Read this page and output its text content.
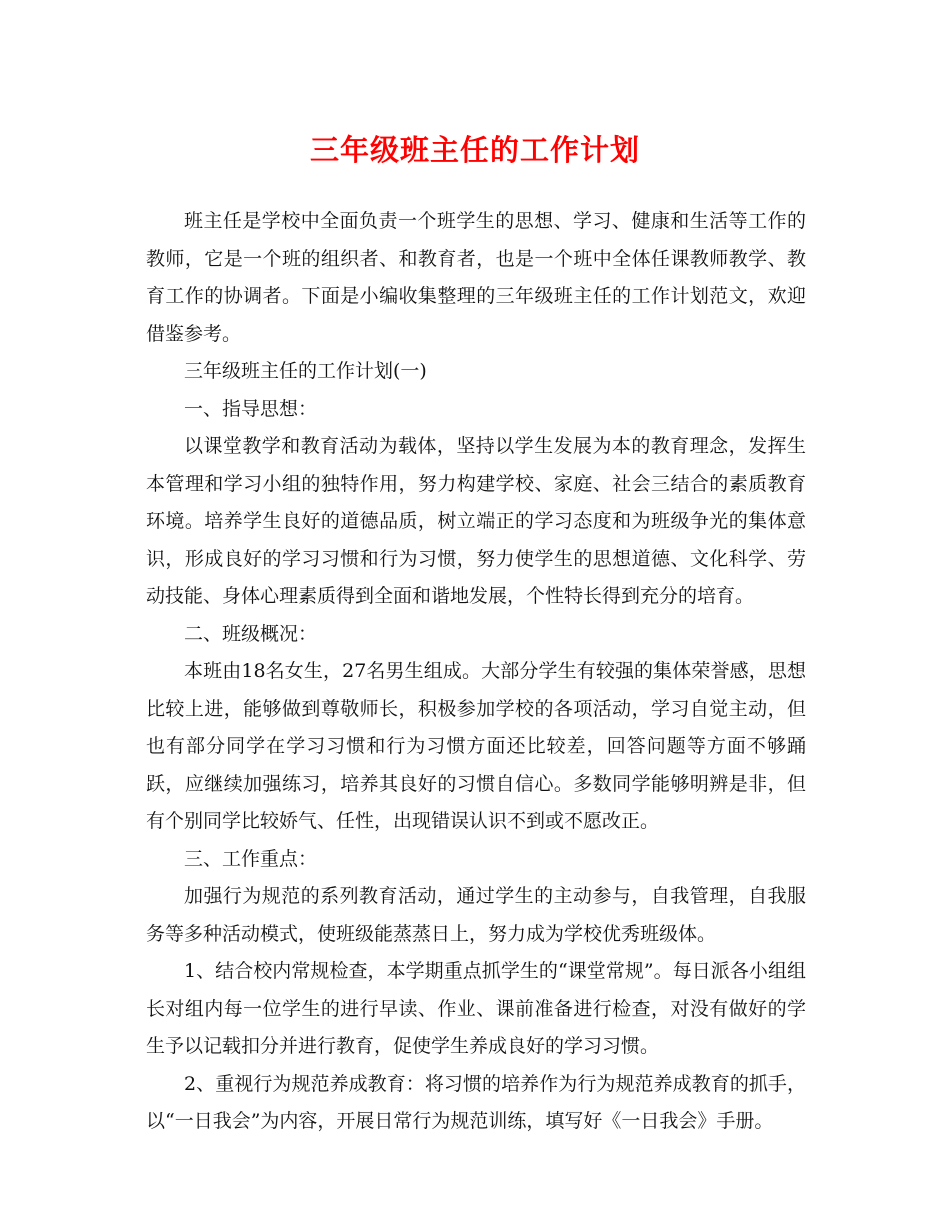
三年级班主任的工作计划

班主任是学校中全面负责一个班学生的思想、学习、健康和生活等工作的教师，它是一个班的组织者、和教育者，也是一个班中全体任课教师教学、教育工作的协调者。下面是小编收集整理的三年级班主任的工作计划范文，欢迎借鉴参考。

三年级班主任的工作计划(一)

一、指导思想：

以课堂教学和教育活动为载体，坚持以学生发展为本的教育理念，发挥生本管理和学习小组的独特作用，努力构建学校、家庭、社会三结合的素质教育环境。培养学生良好的道德品质，树立端正的学习态度和为班级争光的集体意识，形成良好的学习习惯和行为习惯，努力使学生的思想道德、文化科学、劳动技能、身体心理素质得到全面和谐地发展，个性特长得到充分的培育。

二、班级概况：

本班由18名女生，27名男生组成。大部分学生有较强的集体荣誉感，思想比较上进，能够做到尊敬师长，积极参加学校的各项活动，学习自觉主动，但也有部分同学在学习习惯和行为习惯方面还比较差，回答问题等方面不够踊跃，应继续加强练习，培养其良好的习惯自信心。多数同学能够明辨是非，但有个别同学比较娇气、任性，出现错误认识不到或不愿改正。

三、工作重点：

加强行为规范的系列教育活动，通过学生的主动参与，自我管理，自我服务等多种活动模式，使班级能蒸蒸日上，努力成为学校优秀班级体。

1、结合校内常规检查，本学期重点抓学生的“课堂常规”。每日派各小组组长对组内每一位学生的进行早读、作业、课前准备进行检查，对没有做好的学生予以记载扣分并进行教育，促使学生养成良好的学习习惯。

2、重视行为规范养成教育：将习惯的培养作为行为规范养成教育的抓手，以“一日我会”为内容，开展日常行为规范训练，填写好《一日我会》手册。
